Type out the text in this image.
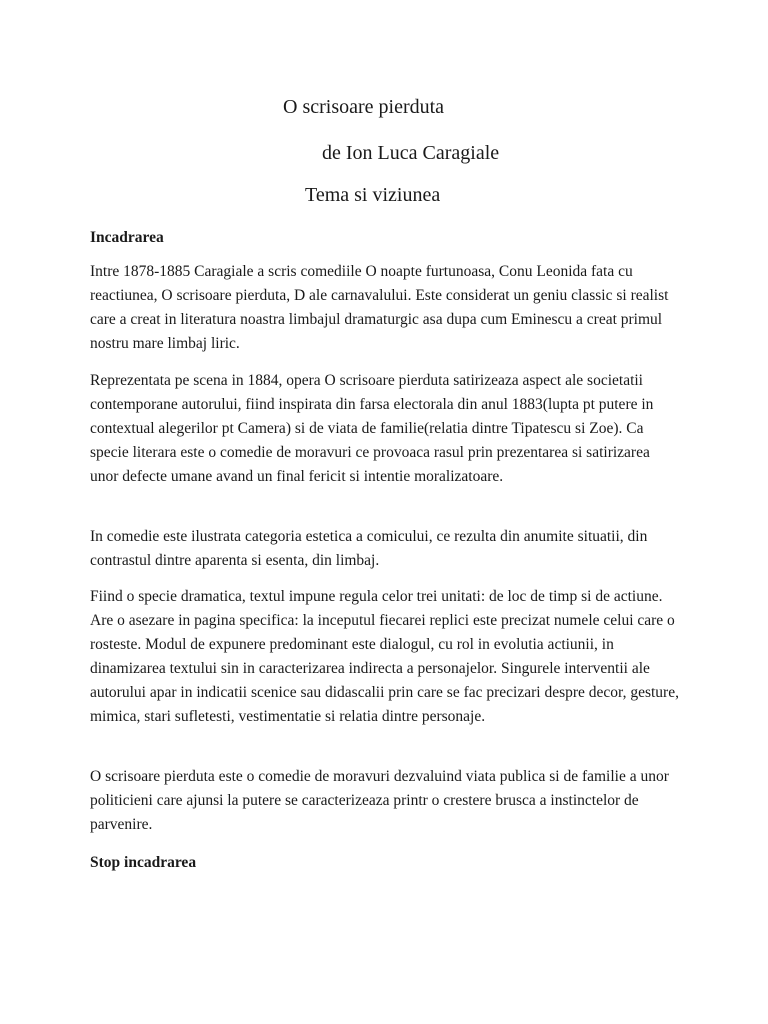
O scrisoare pierduta
de Ion Luca Caragiale
Tema si viziunea
Incadrarea

Intre 1878-1885 Caragiale a scris comediile O noapte furtunoasa, Conu Leonida fata cu reactiunea, O scrisoare pierduta, D ale carnavalului. Este considerat un geniu classic si realist care a creat in literatura noastra limbajul dramaturgic asa dupa cum Eminescu a creat primul nostru mare limbaj liric.

Reprezentata pe scena in 1884, opera O scrisoare pierduta satirizeaza aspect ale societatii contemporane autorului, fiind inspirata din farsa electorala din anul 1883(lupta pt putere in contextual alegerilor pt Camera) si de viata de familie(relatia dintre Tipatescu si Zoe). Ca specie literara este o comedie de moravuri ce provoaca rasul prin prezentarea si satirizarea unor defecte umane avand un final fericit si intentie moralizatoare.

In comedie este ilustrata categoria estetica a comicului, ce rezulta din anumite situatii, din contrastul dintre aparenta si esenta, din limbaj.

Fiind o specie dramatica, textul impune regula celor trei unitati: de loc de timp si de actiune. Are o asezare in pagina specifica: la inceputul fiecarei replici este precizat numele celui care o rosteste. Modul de expunere predominant este dialogul, cu rol in evolutia actiunii, in dinamizarea textului sin in caracterizarea indirecta a personajelor. Singurele interventii ale autorului apar in indicatii scenice sau didascalii prin care se fac precizari despre decor, gesture, mimica, stari sufletesti, vestimentatie si relatia dintre personaje.

O scrisoare pierduta este o comedie de moravuri dezvaluind viata publica si de familie a unor politicieni care ajunsi la putere se caracterizeaza printr o crestere brusca a instinctelor de parvenire.

Stop incadrarea
